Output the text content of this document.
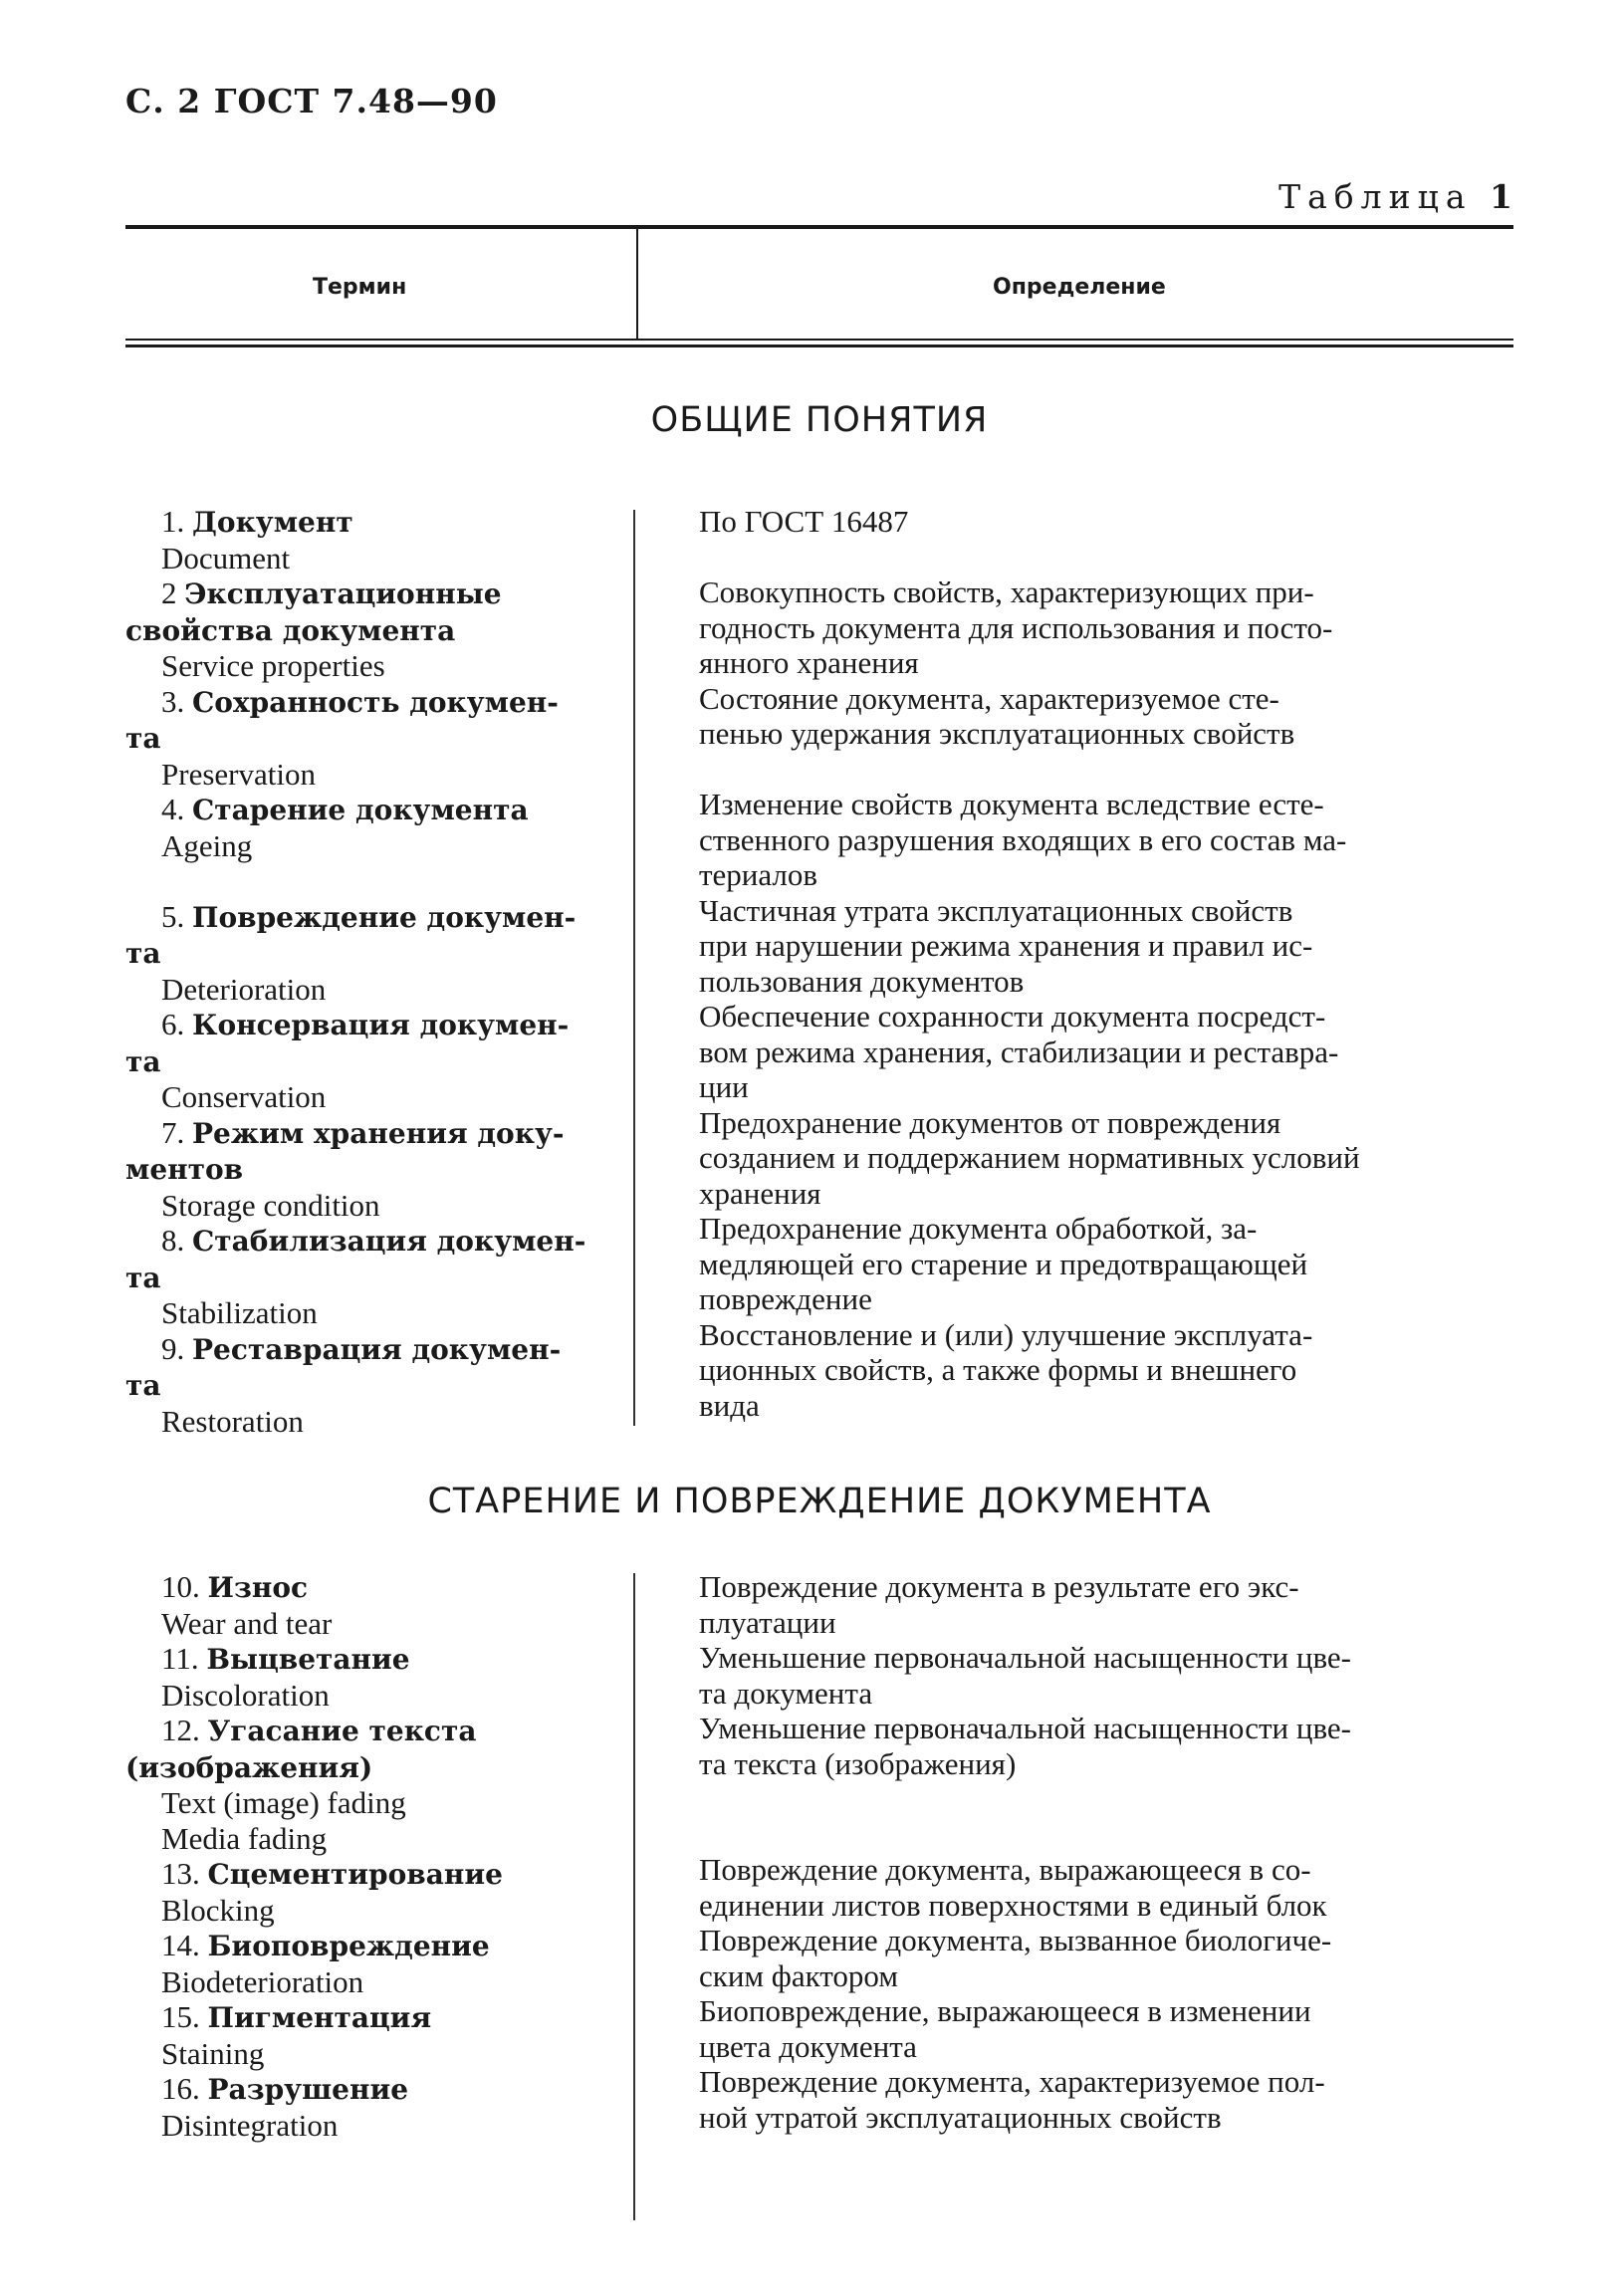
С. 2 ГОСТ 7.48—90
Таблица 1
Термин	Определение
ОБЩИЕ ПОНЯТИЯ

1. Документ

Document

2 Эксплуатационные

свойства документа

Service properties

3. Сохранность докумен-

та

Preservation

4. Старение документа

Ageing

5. Повреждение докумен-

та

Deterioration

6. Консервация докумен-

та

Conservation

7. Режим хранения доку-

ментов

Storage condition

8. Стабилизация докумен-

та

Stabilization

9. Реставрация докумен-

та

Restoration

По ГОСТ 16487

Совокупность свойств, характеризующих при-

годность документа для использования и посто-

янного хранения

Состояние документа, характеризуемое сте-

пенью удержания эксплуатационных свойств

Изменение свойств документа вследствие есте-

ственного разрушения входящих в его состав ма-

териалов

Частичная утрата эксплуатационных свойств

при нарушении режима хранения и правил ис-

пользования документов

Обеспечение сохранности документа посредст-

вом режима хранения, стабилизации и реставра-

ции

Предохранение документов от повреждения

созданием и поддержанием нормативных условий

хранения

Предохранение документа обработкой, за-

медляющей его старение и предотвращающей

повреждение

Восстановление и (или) улучшение эксплуата-

ционных свойств, а также формы и внешнего

вида

СТАРЕНИЕ И ПОВРЕЖДЕНИЕ ДОКУМЕНТА

10. Износ

Wear and tear

11. Выцветание

Discoloration

12. Угасание текста

(изображения)

Text (image) fading

Media fading

13. Сцементирование

Blocking

14. Биоповреждение

Biodeterioration

15. Пигментация

Staining

16. Разрушение

Disintegration

Повреждение документа в результате его экс-

плуатации

Уменьшение первоначальной насыщенности цве-

та документа

Уменьшение первоначальной насыщенности цве-

та текста (изображения)

Повреждение документа, выражающееся в со-

единении листов поверхностями в единый блок

Повреждение документа, вызванное биологиче-

ским фактором

Биоповреждение, выражающееся в изменении

цвета документа

Повреждение документа, характеризуемое пол-

ной утратой эксплуатационных свойств
